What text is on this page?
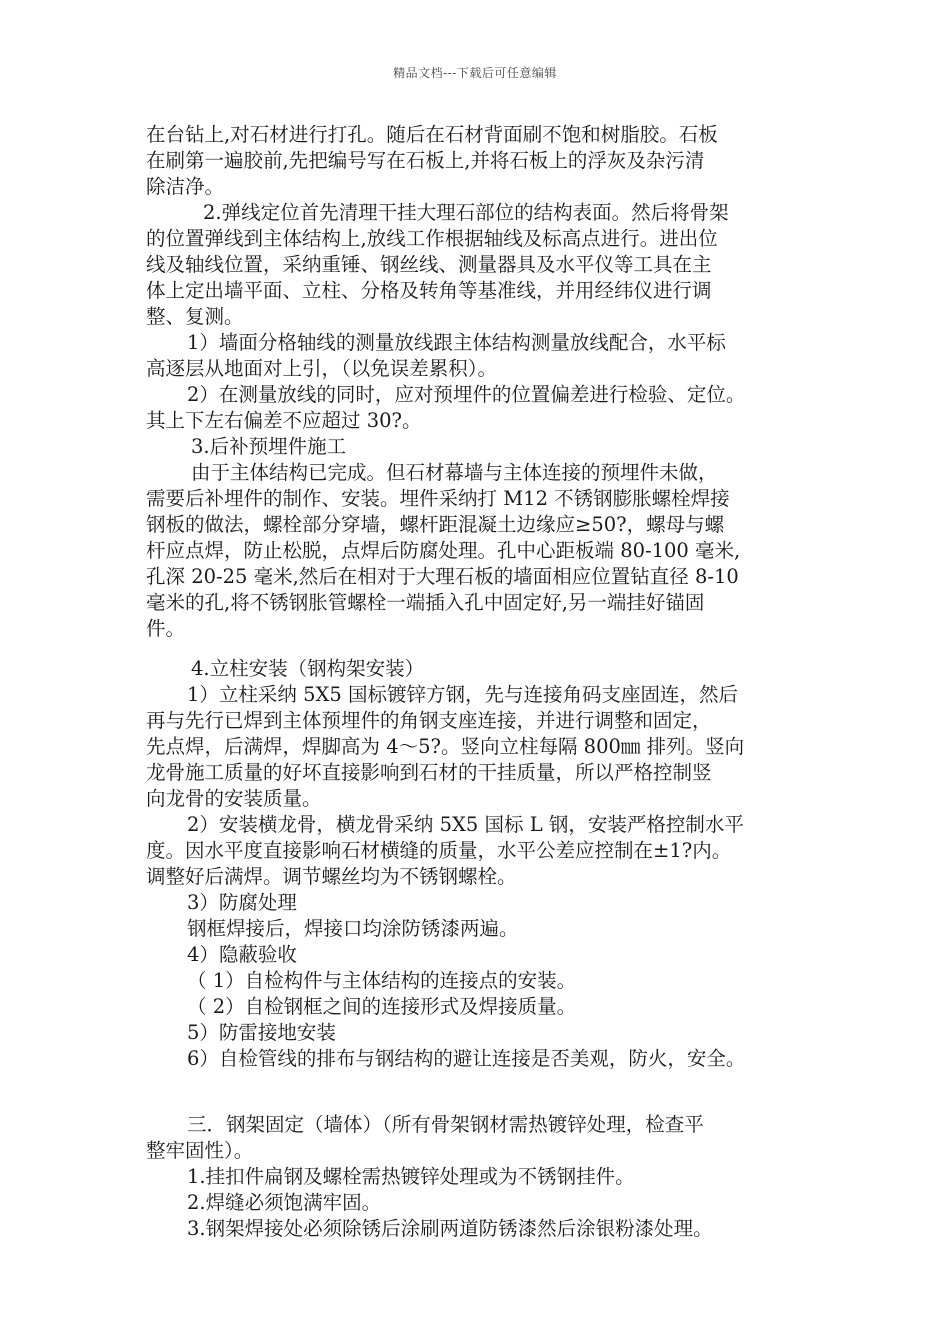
精品文档---下载后可任意编辑
在台钻上,对石材进行打孔。随后在石材背面刷不饱和树脂胶。石板
在刷第一遍胶前,先把编号写在石板上,并将石板上的浮灰及杂污清
除洁净。
2.弹线定位首先清理干挂大理石部位的结构表面。然后将骨架
的位置弹线到主体结构上,放线工作根据轴线及标高点进行。进出位
线及轴线位置，采纳重锤、钢丝线、测量器具及水平仪等工具在主
体上定出墙平面、立柱、分格及转角等基准线，并用经纬仪进行调
整、复测。
1）墙面分格轴线的测量放线跟主体结构测量放线配合，水平标
高逐层从地面对上引，（以免误差累积）。
2）在测量放线的同时，应对预埋件的位置偏差进行检验、定位。
其上下左右偏差不应超过 30?。
3.后补预埋件施工
由于主体结构已完成。但石材幕墙与主体连接的预埋件未做，
需要后补埋件的制作、安装。埋件采纳打 M12 不锈钢膨胀螺栓焊接
钢板的做法，螺栓部分穿墙，螺杆距混凝土边缘应≥50?，螺母与螺
杆应点焊，防止松脱，点焊后防腐处理。孔中心距板端 80-100 毫米,
孔深 20-25 毫米,然后在相对于大理石板的墙面相应位置钻直径 8-10
毫米的孔,将不锈钢胀管螺栓一端插入孔中固定好,另一端挂好锚固
件。
4.立柱安装（钢构架安装）
1）立柱采纳 5X5 国标镀锌方钢，先与连接角码支座固连，然后
再与先行已焊到主体预埋件的角钢支座连接，并进行调整和固定，
先点焊，后满焊，焊脚高为 4～5?。竖向立柱每隔 800㎜ 排列。竖向
龙骨施工质量的好坏直接影响到石材的干挂质量，所以严格控制竖
向龙骨的安装质量。
2）安装横龙骨，横龙骨采纳 5X5 国标 L 钢，安装严格控制水平
度。因水平度直接影响石材横缝的质量，水平公差应控制在±1?内。
调整好后满焊。调节螺丝均为不锈钢螺栓。
3）防腐处理
钢框焊接后，焊接口均涂防锈漆两遍。
4）隐蔽验收
（ 1）自检构件与主体结构的连接点的安装。
（ 2）自检钢框之间的连接形式及焊接质量。
5）防雷接地安装
6）自检管线的排布与钢结构的避让连接是否美观，防火，安全。
三．钢架固定（墙体）（所有骨架钢材需热镀锌处理，检查平
整牢固性）。
1.挂扣件扁钢及螺栓需热镀锌处理或为不锈钢挂件。
2.焊缝必须饱满牢固。
3.钢架焊接处必须除锈后涂刷两道防锈漆然后涂银粉漆处理。
